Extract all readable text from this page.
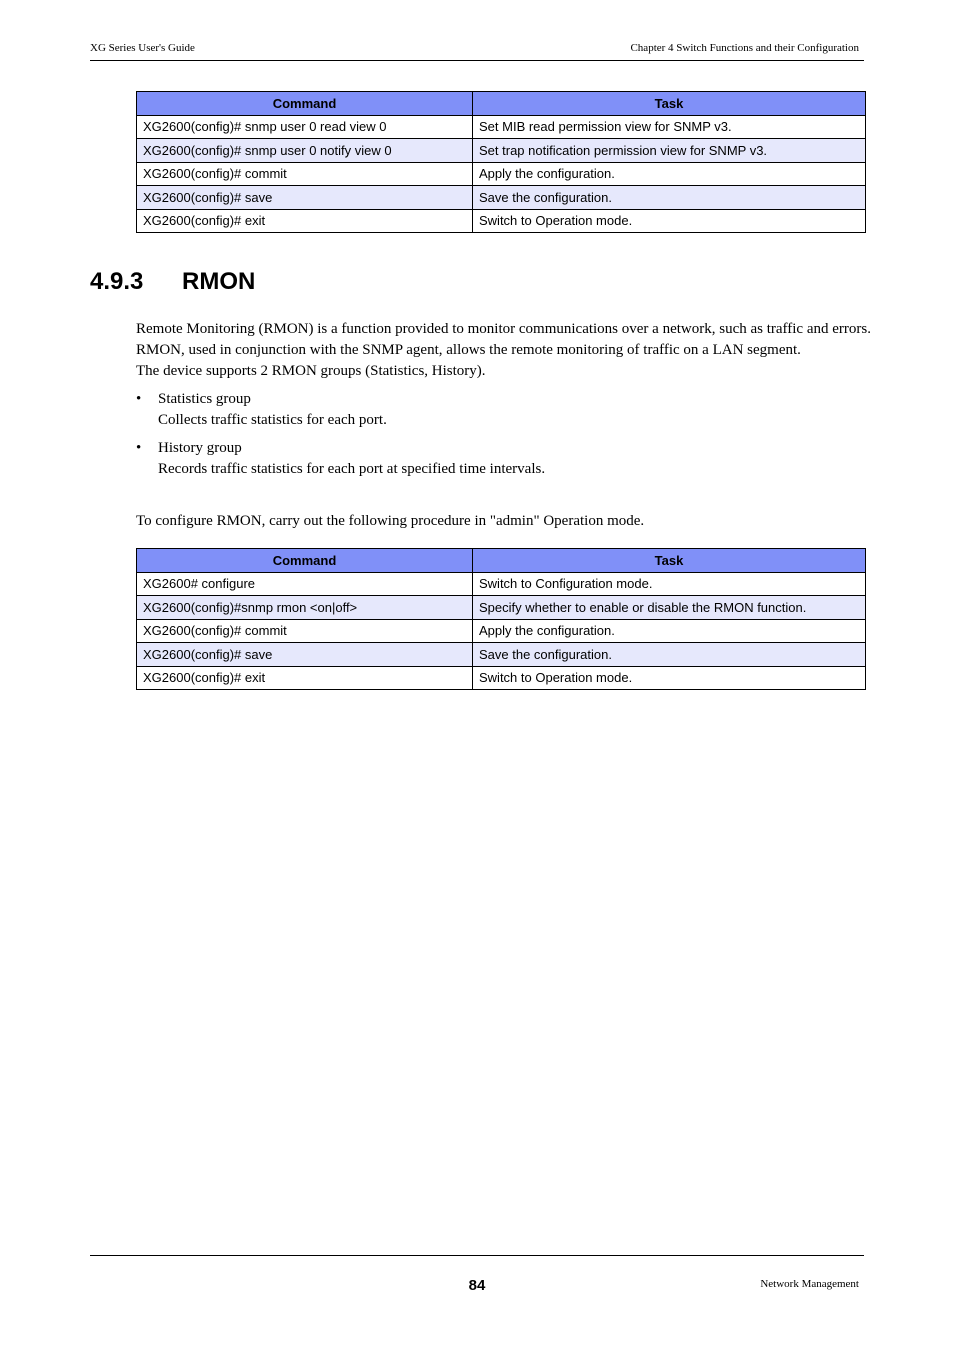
XG Series User's Guide	Chapter 4 Switch Functions and their Configuration
Command	Task
XG2600(config)# snmp user 0 read view 0	Set MIB read permission view for SNMP v3.
XG2600(config)# snmp user 0 notify view 0	Set trap notification permission view for SNMP v3.
XG2600(config)# commit	Apply the configuration.
XG2600(config)# save	Save the configuration.
XG2600(config)# exit	Switch to Operation mode.
4.9.3 RMON
Remote Monitoring (RMON) is a function provided to monitor communications over a network, such as traffic and errors.
RMON, used in conjunction with the SNMP agent, allows the remote monitoring of traffic on a LAN segment.
The device supports 2 RMON groups (Statistics, History).
• Statistics group
Collects traffic statistics for each port.
• History group
Records traffic statistics for each port at specified time intervals.
To configure RMON, carry out the following procedure in "admin" Operation mode.
Command	Task
XG2600# configure	Switch to Configuration mode.
XG2600(config)#snmp rmon <on|off>	Specify whether to enable or disable the RMON function.
XG2600(config)# commit	Apply the configuration.
XG2600(config)# save	Save the configuration.
XG2600(config)# exit	Switch to Operation mode.
84	Network Management
